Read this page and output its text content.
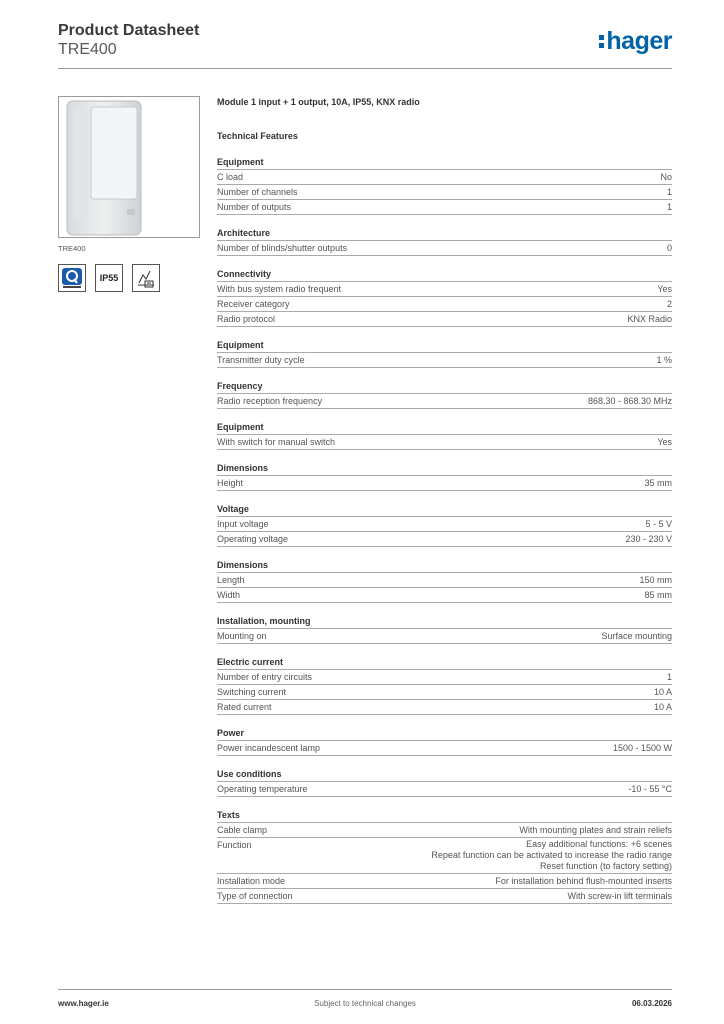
Product Datasheet
TRE400	hager
TRE400
IP55
Module 1 input + 1 output, 10A, IP55, KNX radio
Technical Features
Equipment
C load	No
Number of channels	1
Number of outputs	1
Architecture
Number of blinds/shutter outputs	0
Connectivity
With bus system radio frequent	Yes
Receiver category	2
Radio protocol	KNX Radio
Equipment
Transmitter duty cycle	1 %
Frequency
Radio reception frequency	868.30 - 868.30 MHz
Equipment
With switch for manual switch	Yes
Dimensions
Height	35 mm
Voltage
Input voltage	5 - 5 V
Operating voltage	230 - 230 V
Dimensions
Length	150 mm
Width	85 mm
Installation, mounting
Mounting on	Surface mounting
Electric current
Number of entry circuits	1
Switching current	10 A
Rated current	10 A
Power
Power incandescent lamp	1500 - 1500 W
Use conditions
Operating temperature	-10 - 55 °C
Texts
Cable clamp	With mounting plates and strain reliefs
Function	Easy additional functions: +6 scenes
Repeat function can be activated to increase the radio range
Reset function (to factory setting)
Installation mode	For installation behind flush-mounted inserts
Type of connection	With screw-in lift terminals
www.hager.ie	Subject to technical changes	06.03.2026
